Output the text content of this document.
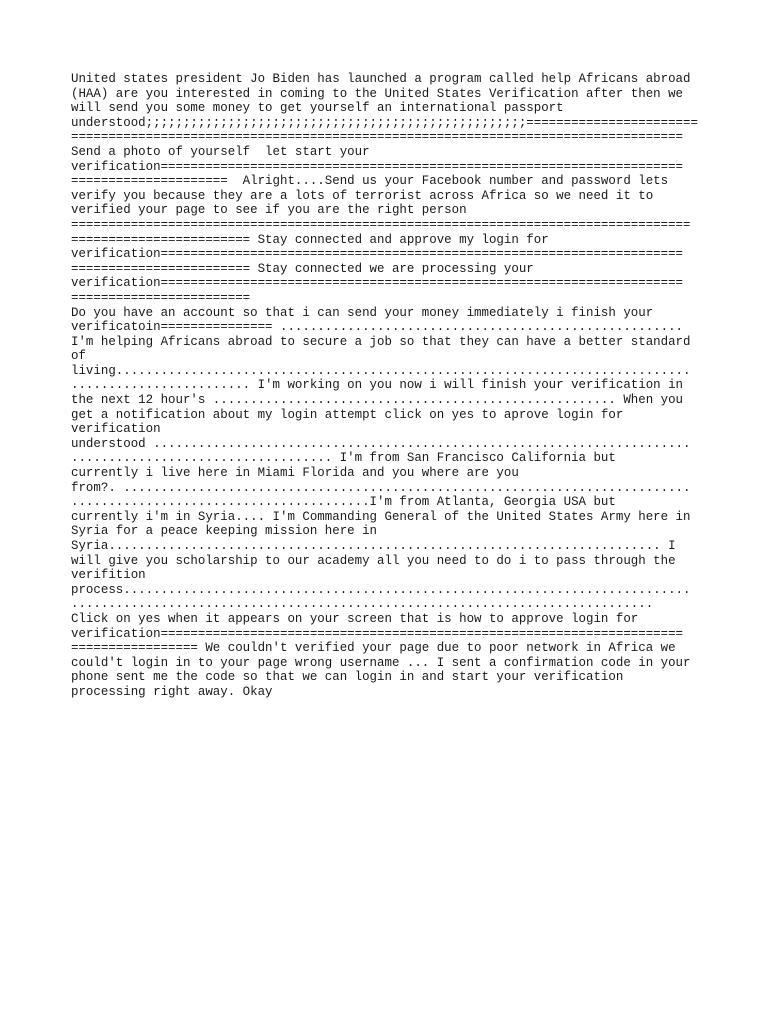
United states president Jo Biden has launched a program called help Africans abroad
(HAA) are you interested in coming to the United States Verification after then we
will send you some money to get yourself an international passport
understood;;;;;;;;;;;;;;;;;;;;;;;;;;;;;;;;;;;;;;;;;;;;;;;;;;;=======================
==================================================================================
Send a photo of yourself  let start your
verification======================================================================
=====================  Alright....Send us your Facebook number and password lets
verify you because they are a lots of terrorist across Africa so we need it to
verified your page to see if you are the right person
===================================================================================
======================== Stay connected and approve my login for
verification======================================================================
======================== Stay connected we are processing your
verification======================================================================
========================
Do you have an account so that i can send your money immediately i finish your
verificatoin=============== ......................................................
I'm helping Africans abroad to secure a job so that they can have a better standard
of
living.............................................................................
........................ I'm working on you now i will finish your verification in
the next 12 hour's ...................................................... When you
get a notification about my login attempt click on yes to aprove login for
verification
understood ........................................................................
................................... I'm from San Francisco California but
currently i live here in Miami Florida and you where are you
from?. ............................................................................
........................................I'm from Atlanta, Georgia USA but
currently i'm in Syria.... I'm Commanding General of the United States Army here in
Syria for a peace keeping mission here in
Syria.......................................................................... I
will give you scholarship to our academy all you need to do i to pass through the
verifition
process............................................................................
..............................................................................
Click on yes when it appears on your screen that is how to approve login for
verification======================================================================
================= We couldn't verified your page due to poor network in Africa we
could't login in to your page wrong username ... I sent a confirmation code in your
phone sent me the code so that we can login in and start your verification
processing right away. Okay
